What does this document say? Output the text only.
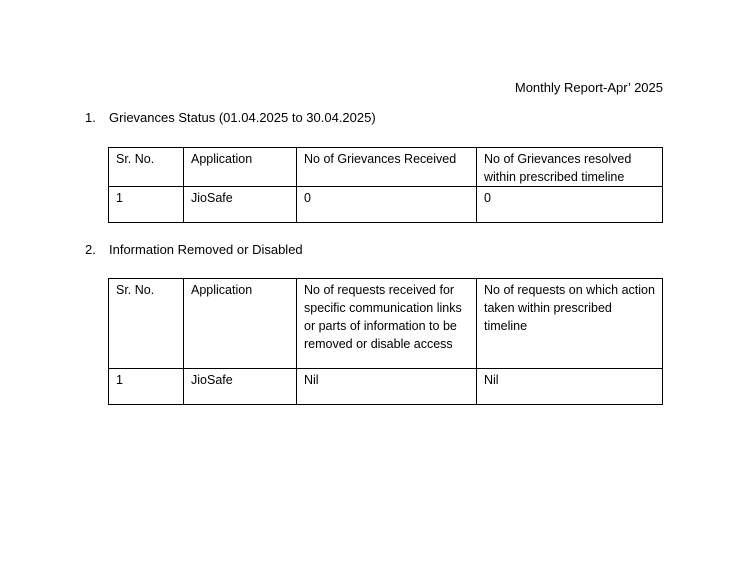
Monthly Report-Apr’ 2025
1.	Grievances Status (01.04.2025 to 30.04.2025)
Sr. No.	Application	No of Grievances Received	No of Grievances resolved within prescribed timeline
1	JioSafe	0	0
2.	Information Removed or Disabled
Sr. No.	Application	No of requests received for specific communication links or parts of information to be removed or disable access	No of requests on which action taken within prescribed timeline
1	JioSafe	Nil	Nil
